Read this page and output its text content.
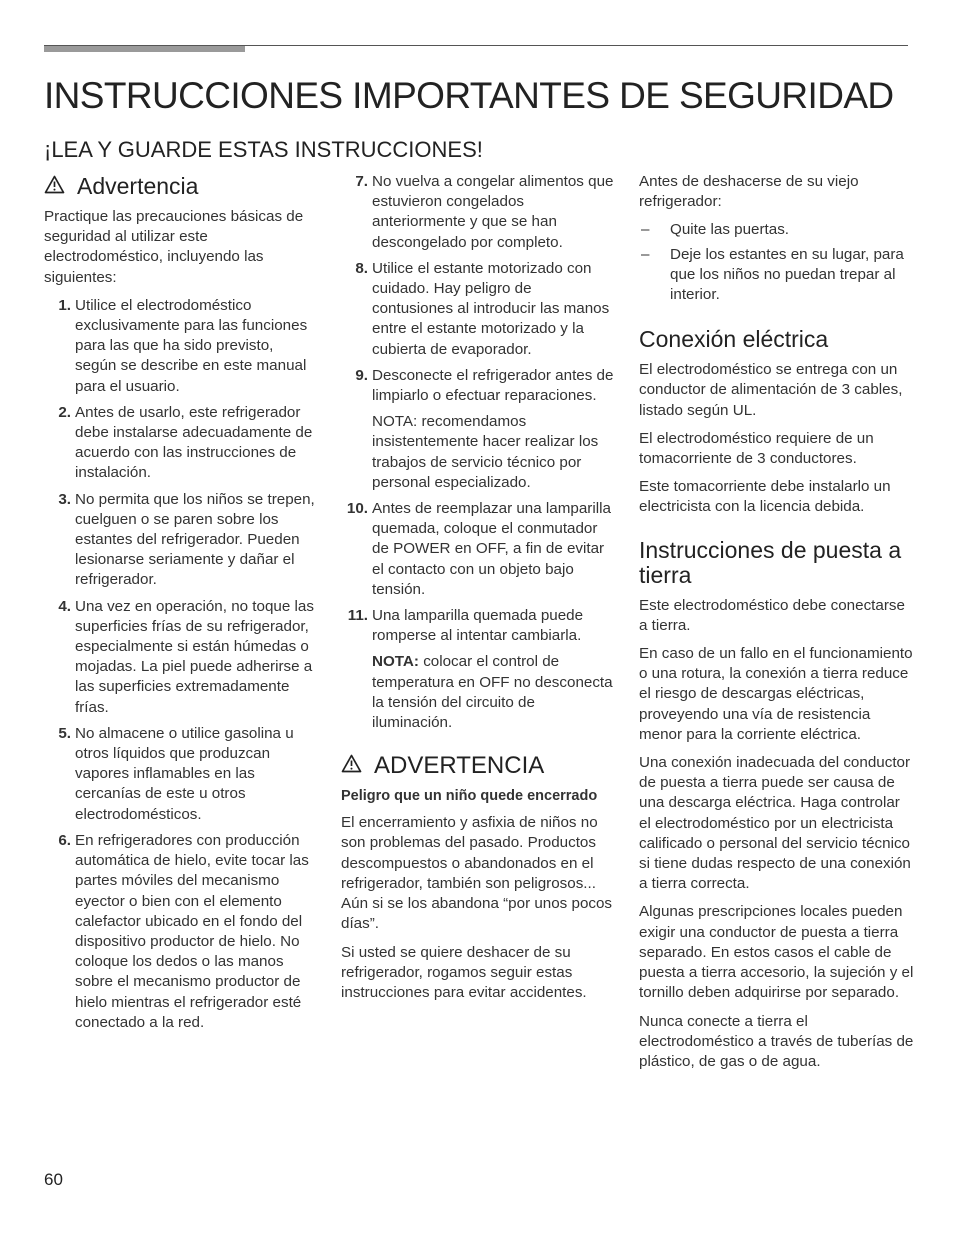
INSTRUCCIONES IMPORTANTES DE SEGURIDAD
¡LEA Y GUARDE ESTAS INSTRUCCIONES!
Advertencia

Practique las precauciones básicas de seguridad al utilizar este electrodoméstico, incluyendo las siguientes:

1. Utilice el electrodoméstico exclusivamente para las funciones para las que ha sido previsto, según se describe en este manual para el usuario.

2. Antes de usarlo, este refrigerador debe instalarse adecuadamente de acuerdo con las instrucciones de instalación.

3. No permita que los niños se trepen, cuelguen o se paren sobre los estantes del refrigerador. Pueden lesionarse seriamente y dañar el refrigerador.

4. Una vez en operación, no toque las superficies frías de su refrigerador, especialmente si están húmedas o mojadas. La piel puede adherirse a las superficies extremadamente frías.

5. No almacene o utilice gasolina u otros líquidos que produzcan vapores inflamables en las cercanías de este u otros electrodomésticos.

6. En refrigeradores con producción automática de hielo, evite tocar las partes móviles del mecanismo eyector o bien con el elemento calefactor ubicado en el fondo del dispositivo productor de hielo. No coloque los dedos o las manos sobre el mecanismo productor de hielo mientras el refrigerador esté conectado a la red.

7. No vuelva a congelar alimentos que estuvieron congelados anteriormente y que se han descongelado por completo.

8. Utilice el estante motorizado con cuidado. Hay peligro de contusiones al introducir las manos entre el estante motorizado y la cubierta de evaporador.

9. Desconecte el refrigerador antes de limpiarlo o efectuar reparaciones.

NOTA: recomendamos insistentemente hacer realizar los trabajos de servicio técnico por personal especializado.

10. Antes de reemplazar una lamparilla quemada, coloque el conmutador de POWER en OFF, a fin de evitar el contacto con un objeto bajo tensión.

11. Una lamparilla quemada puede romperse al intentar cambiarla.

NOTA: colocar el control de temperatura en OFF no desconecta la tensión del circuito de iluminación.

ADVERTENCIA

Peligro que un niño quede encerrado

El encerramiento y asfixia de niños no son problemas del pasado. Productos descompuestos o abandonados en el refrigerador, también son peligrosos... Aún si se los abandona “por unos pocos días”.

Si usted se quiere deshacer de su refrigerador, rogamos seguir estas instrucciones para evitar accidentes.

Antes de deshacerse de su viejo refrigerador:

– Quite las puertas.
– Deje los estantes en su lugar, para que los niños no puedan trepar al interior.
Conexión eléctrica

El electrodoméstico se entrega con un conductor de alimentación de 3 cables, listado según UL.

El electrodoméstico requiere de un tomacorriente de 3 conductores.

Este tomacorriente debe instalarlo un electricista con la licencia debida.

Instrucciones de puesta a tierra

Este electrodoméstico debe conectarse a tierra.

En caso de un fallo en el funcionamiento o una rotura, la conexión a tierra reduce el riesgo de descargas eléctricas, proveyendo una vía de resistencia menor para la corriente eléctrica.

Una conexión inadecuada del conductor de puesta a tierra puede ser causa de una descarga eléctrica. Haga controlar el electrodoméstico por un electricista calificado o personal del servicio técnico si tiene dudas respecto de una conexión a tierra correcta.

Algunas prescripciones locales pueden exigir una conductor de puesta a tierra separado. En estos casos el cable de puesta a tierra accesorio, la sujeción y el tornillo deben adquirirse por separado.

Nunca conecte a tierra el electrodoméstico a través de tuberías de plástico, de gas o de agua.

60
